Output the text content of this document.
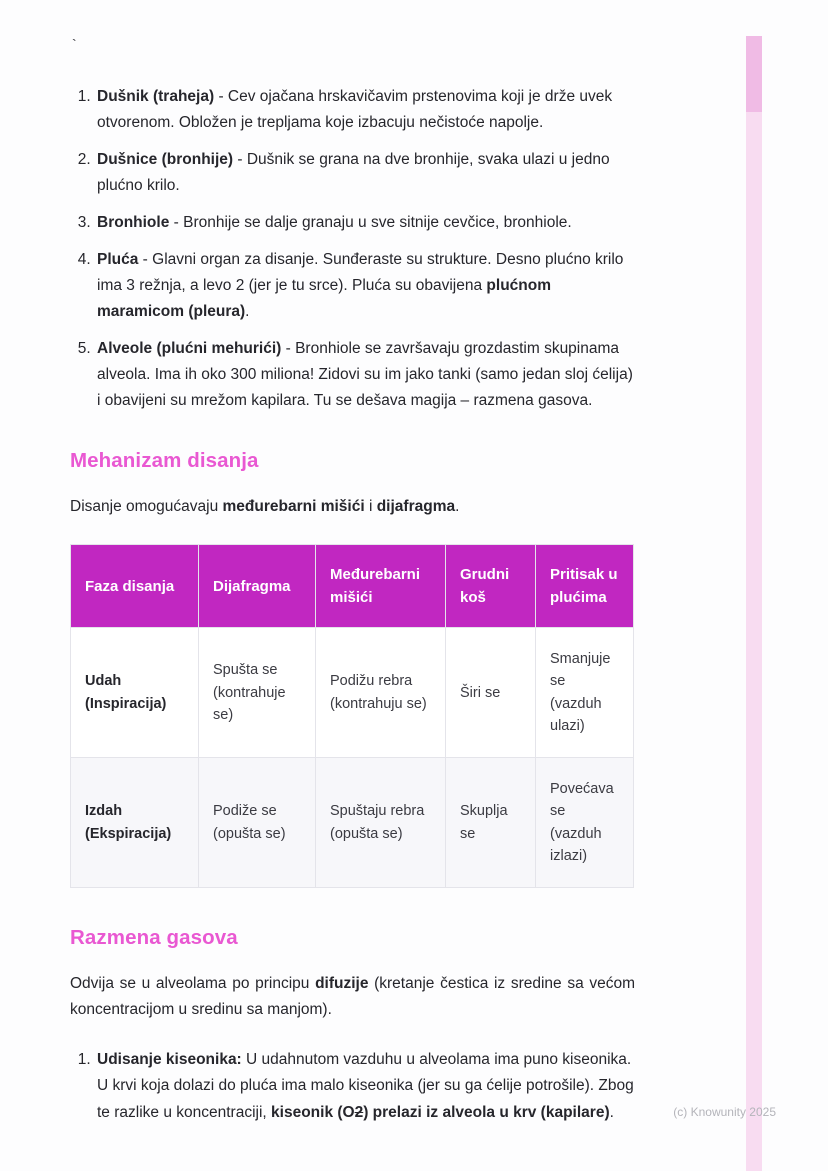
`
1. Dušnik (traheja) - Cev ojačana hrskavičavim prstenovima koji je drže uvek otvorenom. Obložen je trepljama koje izbacuju nečistoće napolje.
2. Dušnice (bronhije) - Dušnik se grana na dve bronhije, svaka ulazi u jedno plućno krilo.
3. Bronhiole - Bronhije se dalje granaju u sve sitnije cevčice, bronhiole.
4. Pluća - Glavni organ za disanje. Sunđeraste su strukture. Desno plućno krilo ima 3 režnja, a levo 2 (jer je tu srce). Pluća su obavijena plućnom maramicom (pleura).
5. Alveole (plućni mehurići) - Bronhiole se završavaju grozdastim skupinama alveola. Ima ih oko 300 miliona! Zidovi su im jako tanki (samo jedan sloj ćelija) i obavijeni su mrežom kapilara. Tu se dešava magija – razmena gasova.
Mehanizam disanja

Disanje omogućavaju međurebarni mišići i dijafragma.

Faza disanja	Dijafragma	Međurebarni mišići	Grudni koš	Pritisak u plućima
Udah (Inspiracija)	Spušta se (kontrahuje se)	Podižu rebra (kontrahuju se)	Širi se	Smanjuje se (vazduh ulazi)
Izdah (Ekspiracija)	Podiže se (opušta se)	Spuštaju rebra (opušta se)	Skuplja se	Povećava se (vazduh izlazi)
Razmena gasova

Odvija se u alveolama po principu difuzije (kretanje čestica iz sredine sa većom koncentracijom u sredinu sa manjom).

1. Udisanje kiseonika: U udahnutom vazduhu u alveolama ima puno kiseonika. U krvi koja dolazi do pluća ima malo kiseonika (jer su ga ćelije potrošile). Zbog te razlike u koncentraciji, kiseonik (O2) prelazi iz alveola u krv (kapilare).	(c) Knowunity 2025
